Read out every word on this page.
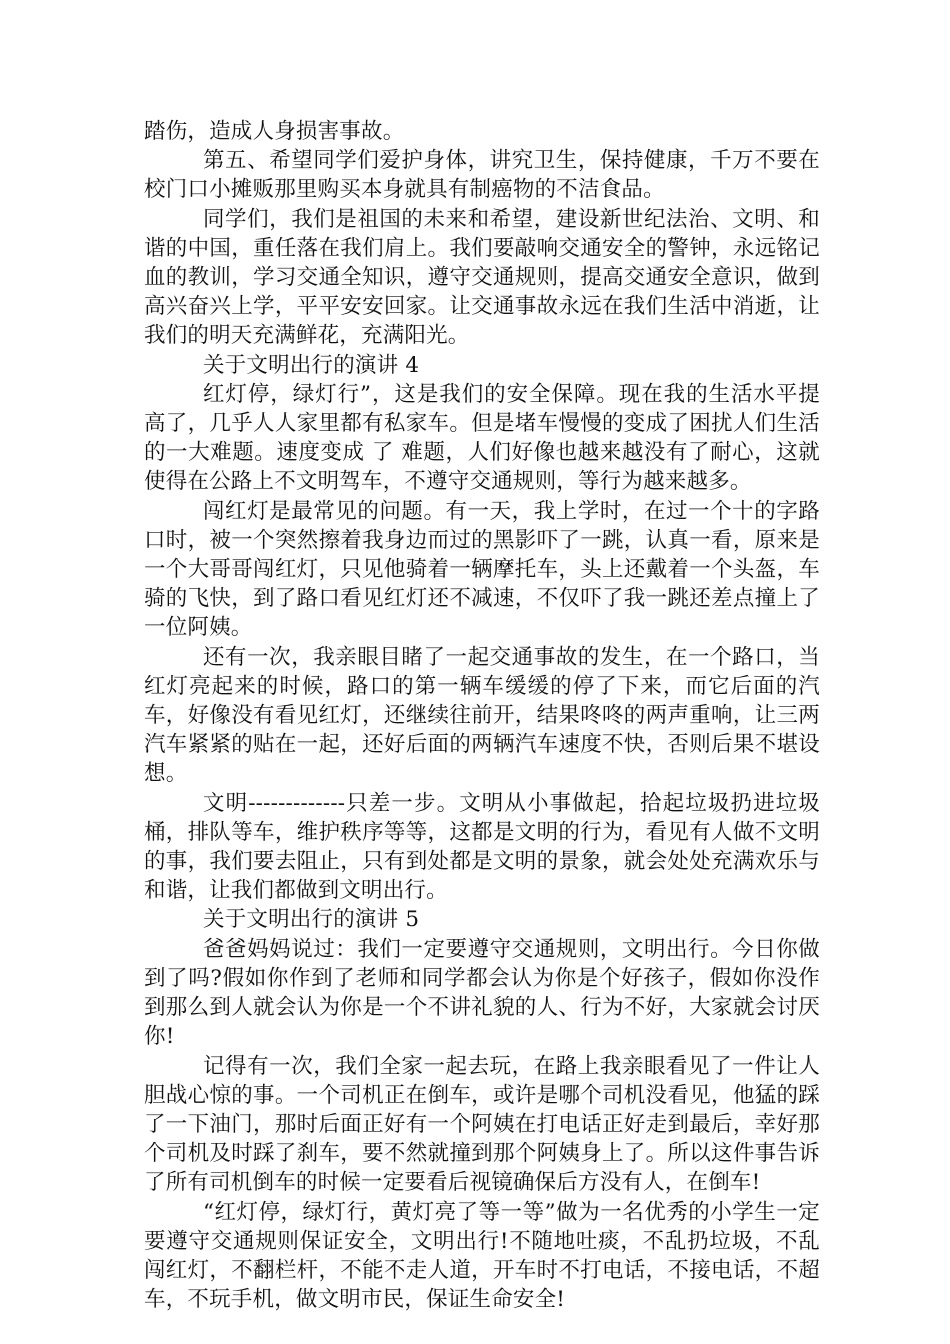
踏伤，造成人身损害事故。

第五、希望同学们爱护身体，讲究卫生，保持健康，千万不要在校门口小摊贩那里购买本身就具有制癌物的不洁食品。

同学们，我们是祖国的未来和希望，建设新世纪法治、文明、和谐的中国，重任落在我们肩上。我们要敲响交通安全的警钟，永远铭记血的教训，学习交通全知识，遵守交通规则，提高交通安全意识，做到高兴奋兴上学，平平安安回家。让交通事故永远在我们生活中消逝，让我们的明天充满鲜花，充满阳光。

关于文明出行的演讲 4

红灯停，绿灯行”，这是我们的安全保障。现在我的生活水平提高了，几乎人人家里都有私家车。但是堵车慢慢的变成了困扰人们生活的一大难题。速度变成 了 难题，人们好像也越来越没有了耐心，这就使得在公路上不文明驾车，不遵守交通规则，等行为越来越多。

闯红灯是最常见的问题。有一天，我上学时，在过一个十的字路口时，被一个突然擦着我身边而过的黑影吓了一跳，认真一看，原来是一个大哥哥闯红灯，只见他骑着一辆摩托车，头上还戴着一个头盔，车骑的飞快，到了路口看见红灯还不减速，不仅吓了我一跳还差点撞上了一位阿姨。

还有一次，我亲眼目睹了一起交通事故的发生，在一个路口，当红灯亮起来的时候，路口的第一辆车缓缓的停了下来，而它后面的汽车，好像没有看见红灯，还继续往前开，结果咚咚的两声重响，让三两汽车紧紧的贴在一起，还好后面的两辆汽车速度不快，否则后果不堪设想。

文明-------------只差一步。文明从小事做起，拾起垃圾扔进垃圾桶，排队等车，维护秩序等等，这都是文明的行为，看见有人做不文明的事，我们要去阻止，只有到处都是文明的景象，就会处处充满欢乐与和谐，让我们都做到文明出行。

关于文明出行的演讲 5

爸爸妈妈说过：我们一定要遵守交通规则，文明出行。今日你做到了吗?假如你作到了老师和同学都会认为你是个好孩子，假如你没作到那么到人就会认为你是一个不讲礼貌的人、行为不好，大家就会讨厌你!

记得有一次，我们全家一起去玩，在路上我亲眼看见了一件让人胆战心惊的事。一个司机正在倒车，或许是哪个司机没看见，他猛的踩了一下油门，那时后面正好有一个阿姨在打电话正好走到最后，幸好那个司机及时踩了刹车，要不然就撞到那个阿姨身上了。所以这件事告诉了所有司机倒车的时候一定要看后视镜确保后方没有人，在倒车!

“红灯停，绿灯行，黄灯亮了等一等”做为一名优秀的小学生一定要遵守交通规则保证安全，文明出行!不随地吐痰，不乱扔垃圾，不乱闯红灯，不翻栏杆，不能不走人道，开车时不打电话，不接电话，不超车，不玩手机，做文明市民，保证生命安全!
